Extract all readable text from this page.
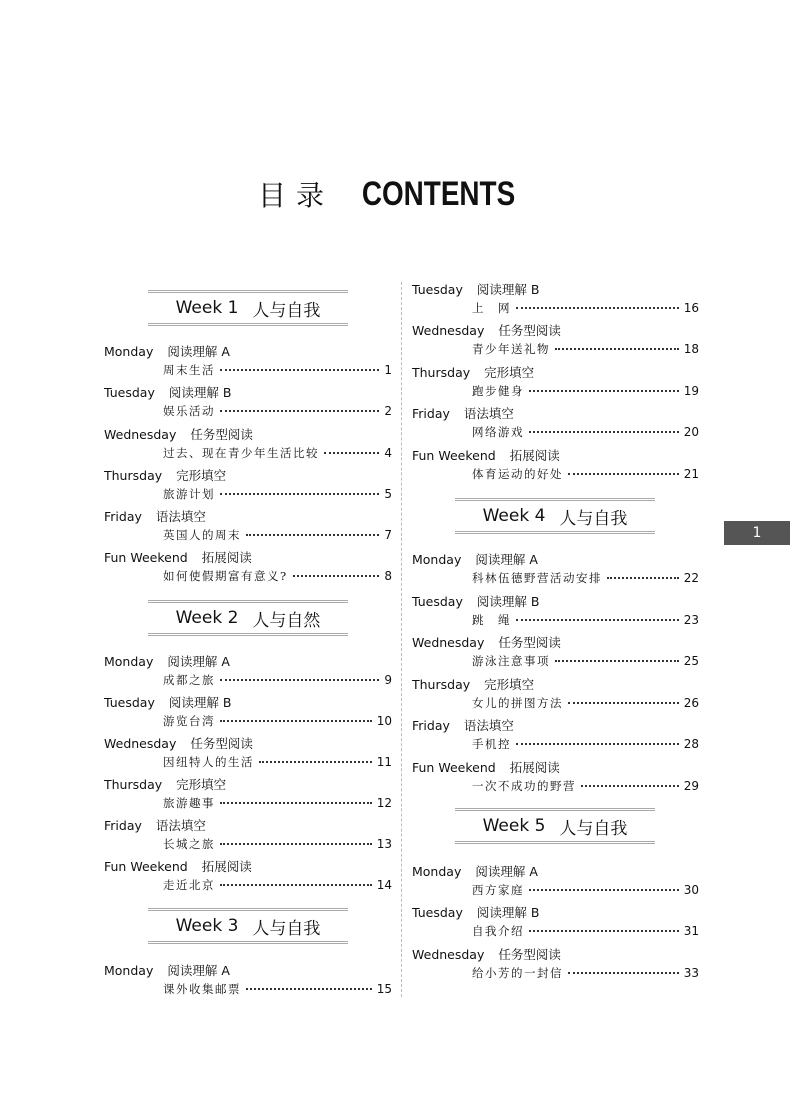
目录 CONTENTS
1
Week 1 人与自我
Week 2 人与自然
Week 3 人与自我
Week 4 人与自我
Week 5 人与自我
Monday 阅读理解 A
周末生活	1
Tuesday 阅读理解 B
娱乐活动	2
Wednesday 任务型阅读
过去、现在青少年生活比较	4
Thursday 完形填空
旅游计划	5
Friday 语法填空
英国人的周末	7
Fun Weekend 拓展阅读
如何使假期富有意义?	8
Monday 阅读理解 A
成都之旅	9
Tuesday 阅读理解 B
游览台湾	10
Wednesday 任务型阅读
因纽特人的生活	11
Thursday 完形填空
旅游趣事	12
Friday 语法填空
长城之旅	13
Fun Weekend 拓展阅读
走近北京	14
Monday 阅读理解 A
课外收集邮票	15
Tuesday 阅读理解 B
上　网	16
Wednesday 任务型阅读
青少年送礼物	18
Thursday 完形填空
跑步健身	19
Friday 语法填空
网络游戏	20
Fun Weekend 拓展阅读
体育运动的好处	21
Monday 阅读理解 A
科林伍德野营活动安排	22
Tuesday 阅读理解 B
跳　绳	23
Wednesday 任务型阅读
游泳注意事项	25
Thursday 完形填空
女儿的拼图方法	26
Friday 语法填空
手机控	28
Fun Weekend 拓展阅读
一次不成功的野营	29
Monday 阅读理解 A
西方家庭	30
Tuesday 阅读理解 B
自我介绍	31
Wednesday 任务型阅读
给小芳的一封信	33
